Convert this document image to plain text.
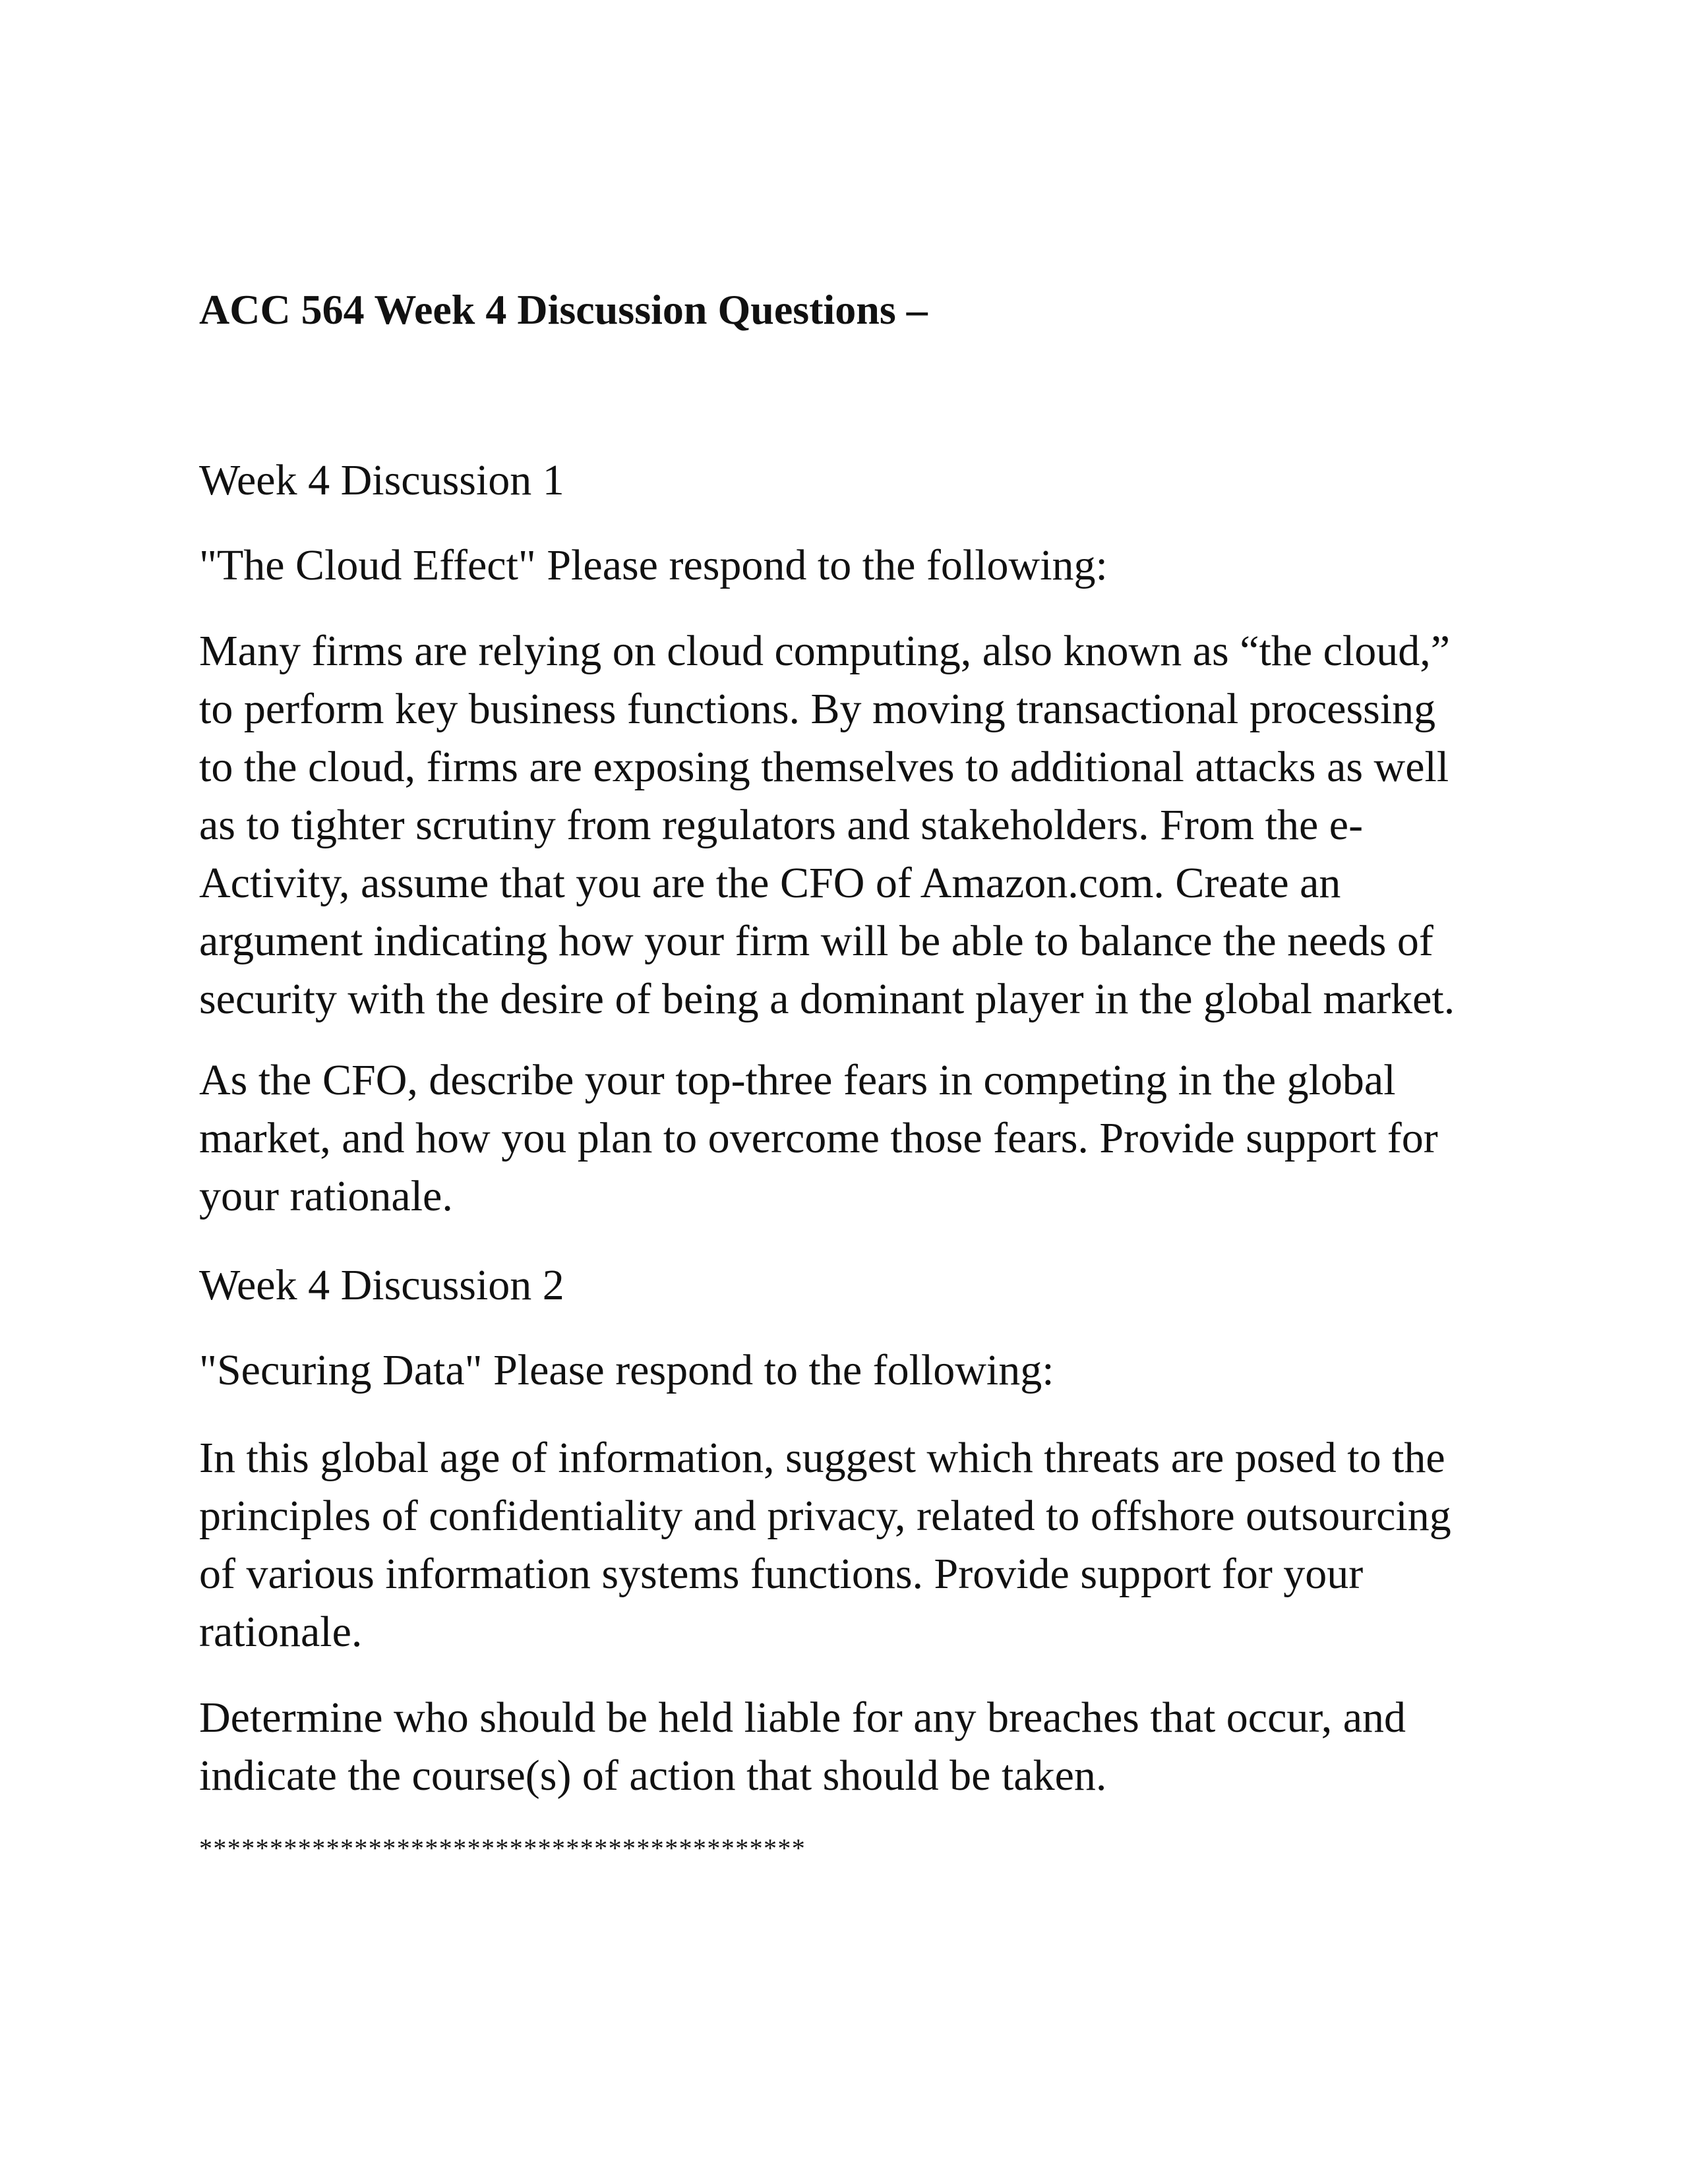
ACC 564 Week 4 Discussion Questions –
Week 4 Discussion 1

"The Cloud Effect" Please respond to the following:

Many firms are relying on cloud computing, also known as “the cloud,”
to perform key business functions. By moving transactional processing
to the cloud, firms are exposing themselves to additional attacks as well
as to tighter scrutiny from regulators and stakeholders. From the e-
Activity, assume that you are the CFO of Amazon.com. Create an
argument indicating how your firm will be able to balance the needs of
security with the desire of being a dominant player in the global market.

As the CFO, describe your top-three fears in competing in the global
market, and how you plan to overcome those fears. Provide support for
your rationale.

Week 4 Discussion 2

"Securing Data" Please respond to the following:

In this global age of information, suggest which threats are posed to the
principles of confidentiality and privacy, related to offshore outsourcing
of various information systems functions. Provide support for your
rationale.

Determine who should be held liable for any breaches that occur, and
indicate the course(s) of action that should be taken.

*******************************************
